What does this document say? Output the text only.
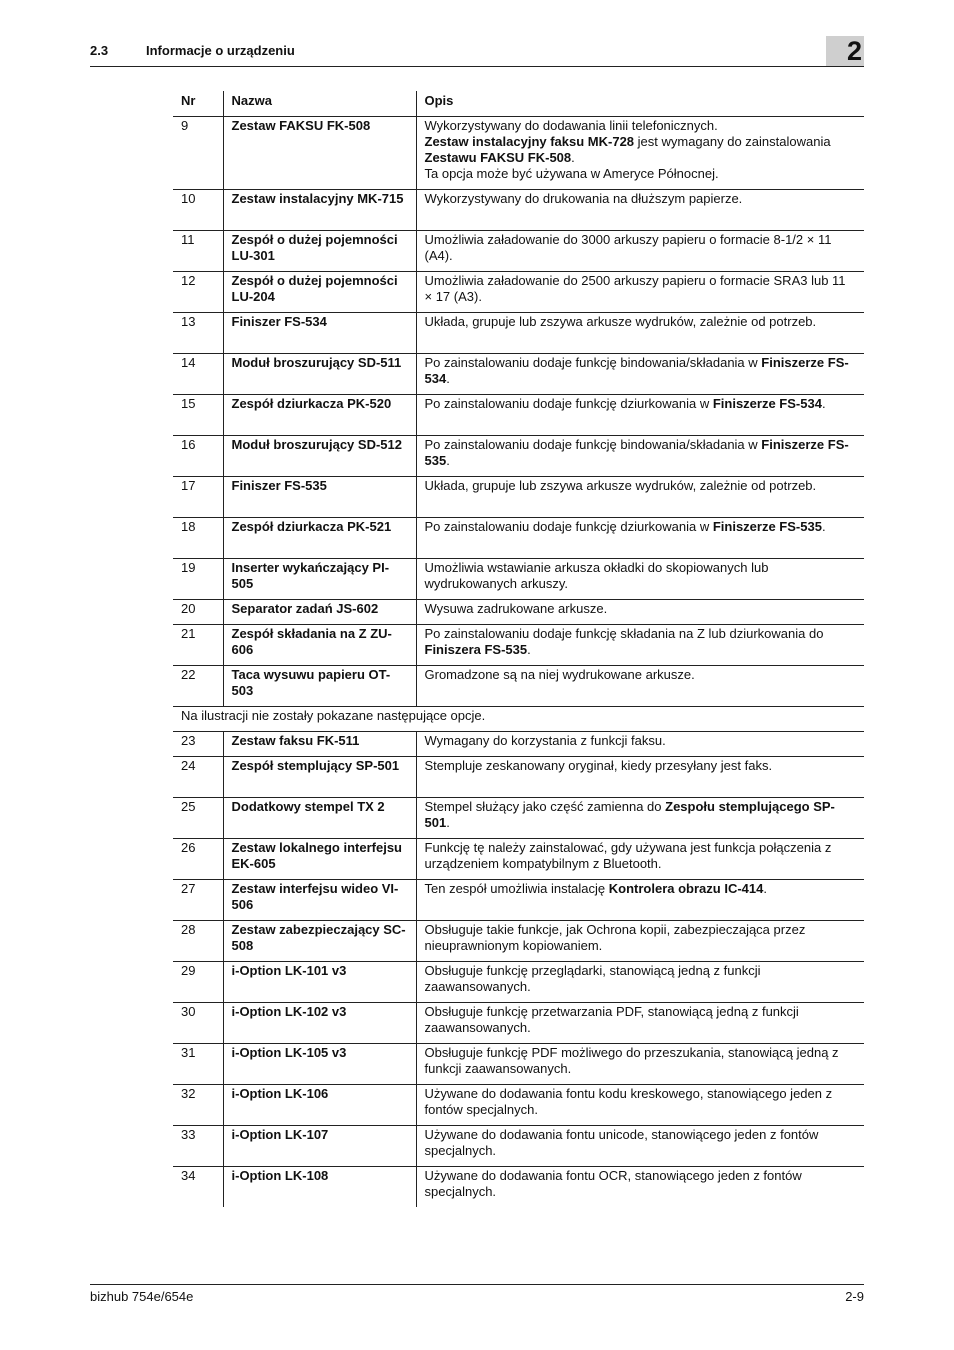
2.3	Informacje o urządzeniu	2
Nr	Nazwa	Opis
9	Zestaw FAKSU FK-508	Wykorzystywany do dodawania linii telefonicznych.
Zestaw instalacyjny faksu MK-728 jest wymagany do zainstalowania Zestawu FAKSU FK-508.
Ta opcja może być używana w Ameryce Północnej.
10	Zestaw instalacyjny MK-715	Wykorzystywany do drukowania na dłuższym papierze.
11	Zespół o dużej pojemności LU-301	Umożliwia załadowanie do 3000 arkuszy papieru o formacie 8-1/2 × 11 (A4).
12	Zespół o dużej pojemności LU-204	Umożliwia załadowanie do 2500 arkuszy papieru o formacie SRA3 lub 11 × 17 (A3).
13	Finiszer FS-534	Układa, grupuje lub zszywa arkusze wydruków, zależnie od potrzeb.
14	Moduł broszurujący SD-511	Po zainstalowaniu dodaje funkcję bindowania/składania w Finiszerze FS-534.
15	Zespół dziurkacza PK-520	Po zainstalowaniu dodaje funkcję dziurkowania w Finiszerze FS-534.
16	Moduł broszurujący SD-512	Po zainstalowaniu dodaje funkcję bindowania/składania w Finiszerze FS-535.
17	Finiszer FS-535	Układa, grupuje lub zszywa arkusze wydruków, zależnie od potrzeb.
18	Zespół dziurkacza PK-521	Po zainstalowaniu dodaje funkcję dziurkowania w Finiszerze FS-535.
19	Inserter wykańczający PI-505	Umożliwia wstawianie arkusza okładki do skopiowanych lub wydrukowanych arkuszy.
20	Separator zadań JS-602	Wysuwa zadrukowane arkusze.
21	Zespół składania na Z ZU-606	Po zainstalowaniu dodaje funkcję składania na Z lub dziurkowania do Finiszera FS-535.
22	Taca wysuwu papieru OT-503	Gromadzone są na niej wydrukowane arkusze.
Na ilustracji nie zostały pokazane następujące opcje.		
23	Zestaw faksu FK-511	Wymagany do korzystania z funkcji faksu.
24	Zespół stemplujący SP-501	Stempluje zeskanowany oryginał, kiedy przesyłany jest faks.
25	Dodatkowy stempel TX 2	Stempel służący jako część zamienna do Zespołu stemplującego SP-501.
26	Zestaw lokalnego interfejsu EK-605	Funkcję tę należy zainstalować, gdy używana jest funkcja połączenia z urządzeniem kompatybilnym z Bluetooth.
27	Zestaw interfejsu wideo VI-506	Ten zespół umożliwia instalację Kontrolera obrazu IC-414.
28	Zestaw zabezpieczający SC-508	Obsługuje takie funkcje, jak Ochrona kopii, zabezpieczająca przez nieuprawnionym kopiowaniem.
29	i-Option LK-101 v3	Obsługuje funkcję przeglądarki, stanowiącą jedną z funkcji zaawansowanych.
30	i-Option LK-102 v3	Obsługuje funkcję przetwarzania PDF, stanowiącą jedną z funkcji zaawansowanych.
31	i-Option LK-105 v3	Obsługuje funkcję PDF możliwego do przeszukania, stanowiącą jedną z funkcji zaawansowanych.
32	i-Option LK-106	Używane do dodawania fontu kodu kreskowego, stanowiącego jeden z fontów specjalnych.
33	i-Option LK-107	Używane do dodawania fontu unicode, stanowiącego jeden z fontów specjalnych.
34	i-Option LK-108	Używane do dodawania fontu OCR, stanowiącego jeden z fontów specjalnych.
bizhub 754e/654e	2-9
